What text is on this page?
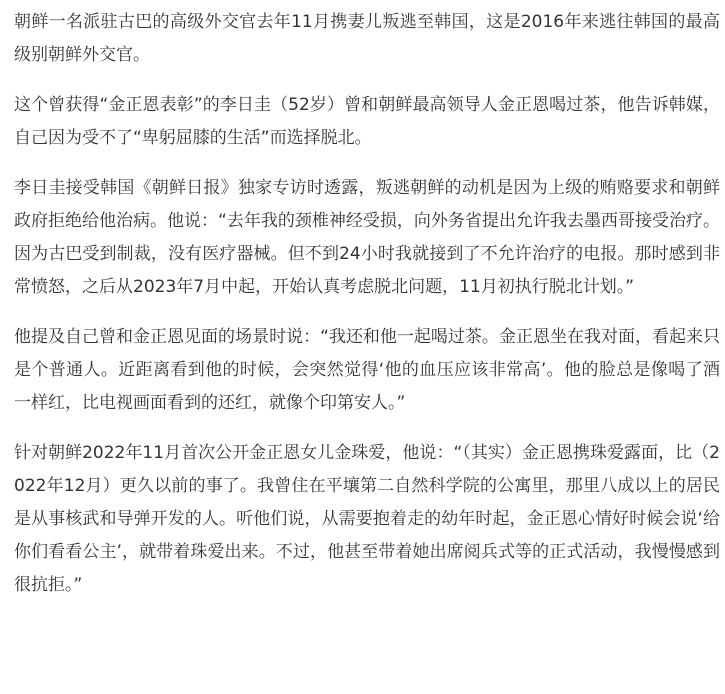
朝鲜一名派驻古巴的高级外交官去年11月携妻儿叛逃至韩国，这是2016年来逃往韩国的最高级别朝鲜外交官。

这个曾获得“金正恩表彰”的李日圭（52岁）曾和朝鲜最高领导人金正恩喝过茶，他告诉韩媒，自己因为受不了“卑躬屈膝的生活”而选择脱北。

李日圭接受韩国《朝鲜日报》独家专访时透露，叛逃朝鲜的动机是因为上级的贿赂要求和朝鲜政府拒绝给他治病。他说：“去年我的颈椎神经受损，向外务省提出允许我去墨西哥接受治疗。因为古巴受到制裁，没有医疗器械。但不到24小时我就接到了不允许治疗的电报。那时感到非常愤怒，之后从2023年7月中起，开始认真考虑脱北问题，11月初执行脱北计划。”

他提及自己曾和金正恩见面的场景时说：“我还和他一起喝过茶。金正恩坐在我对面，看起来只是个普通人。近距离看到他的时候，会突然觉得‘他的血压应该非常高’。他的脸总是像喝了酒一样红，比电视画面看到的还红，就像个印第安人。”

针对朝鲜2022年11月首次公开金正恩女儿金珠爱，他说：“（其实）金正恩携珠爱露面，比（2022年12月）更久以前的事了。我曾住在平壤第二自然科学院的公寓里，那里八成以上的居民是从事核武和导弹开发的人。听他们说，从需要抱着走的幼年时起，金正恩心情好时候会说‘给你们看看公主’，就带着珠爱出来。不过，他甚至带着她出席阅兵式等的正式活动，我慢慢感到很抗拒。”
